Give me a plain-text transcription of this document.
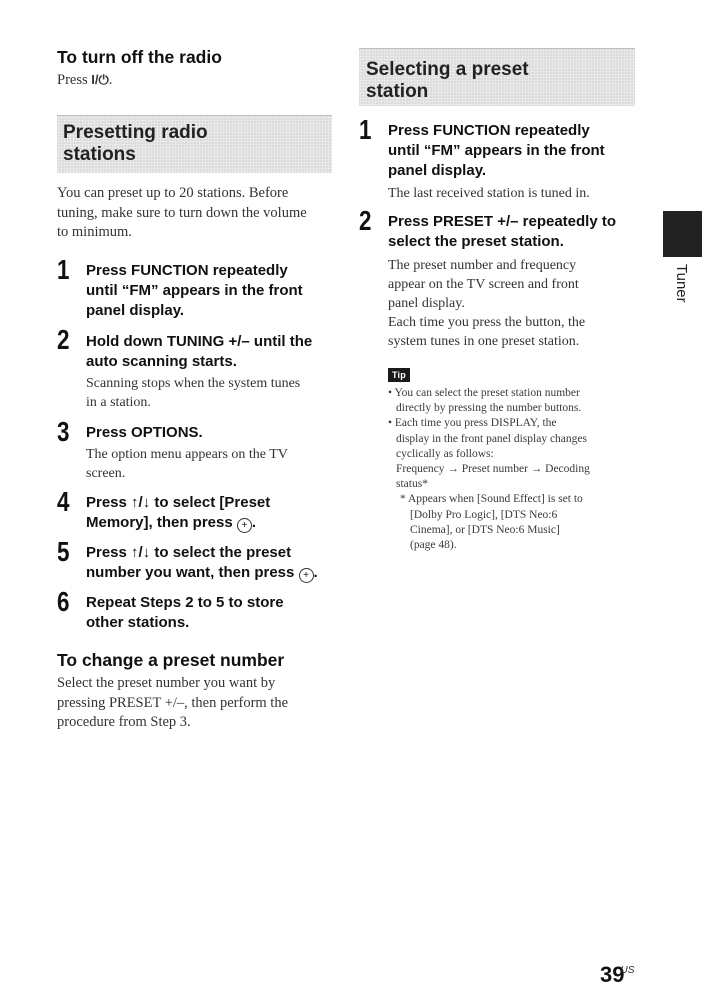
To turn off the radio
Press I/⏻.
Presetting radio
stations
You can preset up to 20 stations. Before
tuning, make sure to turn down the volume
to minimum.
1 Press FUNCTION repeatedly
until “FM” appears in the front
panel display.
2 Hold down TUNING +/– until the
auto scanning starts.
Scanning stops when the system tunes
in a station.
3 Press OPTIONS.
The option menu appears on the TV
screen.
4 Press ↑/↓ to select [Preset
Memory], then press + .
5 Press ↑/↓ to select the preset
number you want, then press + .
6 Repeat Steps 2 to 5 to store
other stations.
To change a preset number
Select the preset number you want by
pressing PRESET +/–, then perform the
procedure from Step 3.
Selecting a preset
station
1 Press FUNCTION repeatedly
until “FM” appears in the front
panel display.
The last received station is tuned in.
2 Press PRESET +/– repeatedly to
select the preset station.
The preset number and frequency
appear on the TV screen and front
panel display.
Each time you press the button, the
system tunes in one preset station.
Tip
• You can select the preset station number
directly by pressing the number buttons.
• Each time you press DISPLAY, the
display in the front panel display changes
cyclically as follows:
Frequency → Preset number → Decoding
status*
* Appears when [Sound Effect] is set to
[Dolby Pro Logic], [DTS Neo:6
Cinema], or [DTS Neo:6 Music]
(page 48).
Tuner
$39^{US}$
